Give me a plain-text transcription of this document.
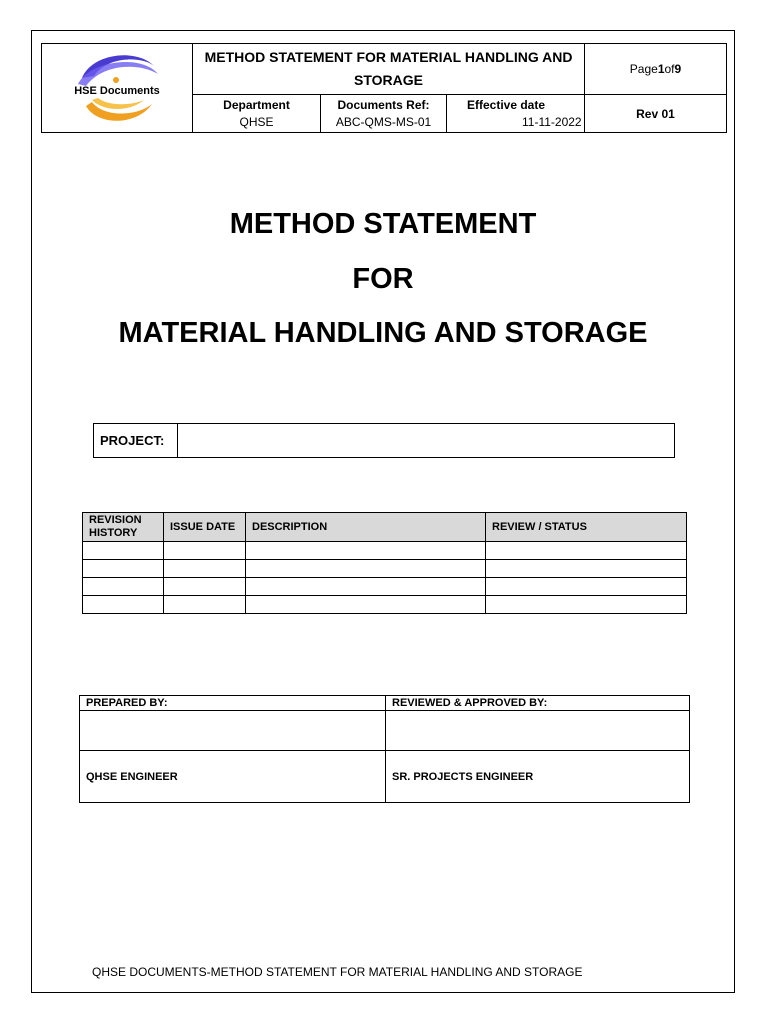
HSE Documents
METHOD STATEMENT FOR MATERIAL HANDLING AND STORAGE
Page 1 of 9
Department
QHSE
Documents Ref:
ABC-QMS-MS-01
Effective date
11-11-2022
Rev 01
METHOD STATEMENT
FOR
MATERIAL HANDLING AND STORAGE
PROJECT:
REVISION HISTORY	ISSUE DATE	DESCRIPTION	REVIEW / STATUS

PREPARED BY:	REVIEWED & APPROVED BY:

QHSE ENGINEER	SR. PROJECTS ENGINEER
QHSE DOCUMENTS-METHOD STATEMENT FOR MATERIAL HANDLING AND STORAGE
